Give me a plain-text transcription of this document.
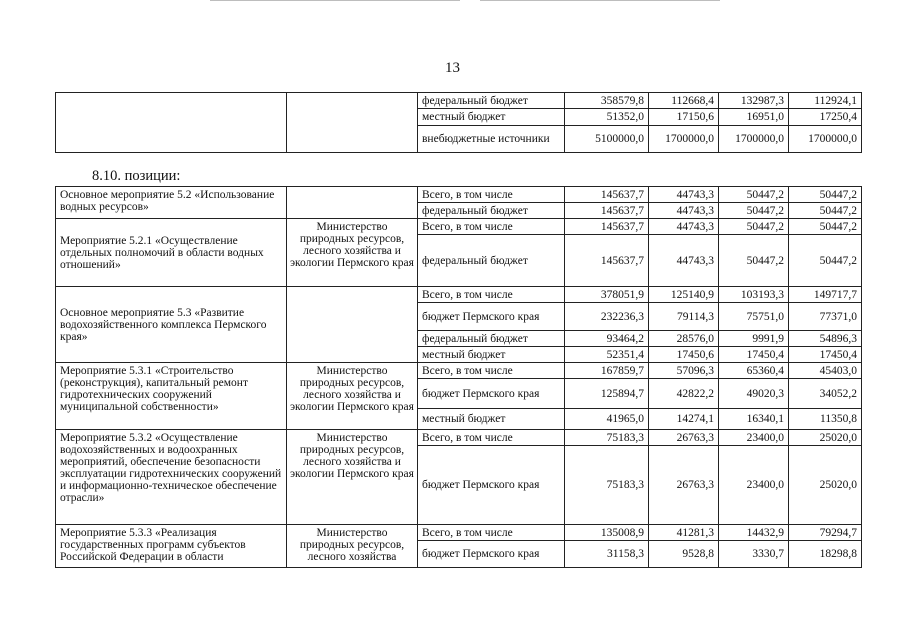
13
		федеральный бюджет	358579,8	112668,4	132987,3	112924,1
		местный бюджет	51352,0	17150,6	16951,0	17250,4
		внебюджетные источники	5100000,0	1700000,0	1700000,0	1700000,0
8.10. позиции:
Основное мероприятие 5.2 «Использование водных ресурсов»		Всего, в том числе	145637,7	44743,3	50447,2	50447,2
		федеральный бюджет	145637,7	44743,3	50447,2	50447,2
Мероприятие 5.2.1 «Осуществление отдельных полномочий в области водных отношений»	Министерство природных ресурсов, лесного хозяйства и экологии Пермского края	Всего, в том числе	145637,7	44743,3	50447,2	50447,2
		федеральный бюджет	145637,7	44743,3	50447,2	50447,2
Основное мероприятие 5.3 «Развитие водохозяйственного комплекса Пермского края»		Всего, в том числе	378051,9	125140,9	103193,3	149717,7
		бюджет Пермского края	232236,3	79114,3	75751,0	77371,0
		федеральный бюджет	93464,2	28576,0	9991,9	54896,3
		местный бюджет	52351,4	17450,6	17450,4	17450,4
Мероприятие 5.3.1 «Строительство (реконструкция), капитальный ремонт гидротехнических сооружений муниципальной собственности»	Министерство природных ресурсов, лесного хозяйства и экологии Пермского края	Всего, в том числе	167859,7	57096,3	65360,4	45403,0
		бюджет Пермского края	125894,7	42822,2	49020,3	34052,2
		местный бюджет	41965,0	14274,1	16340,1	11350,8
Мероприятие 5.3.2 «Осуществление водохозяйственных и водоохранных мероприятий, обеспечение безопасности эксплуатации гидротехнических сооружений и информационно-техническое обеспечение отрасли»	Министерство природных ресурсов, лесного хозяйства и экологии Пермского края	Всего, в том числе	75183,3	26763,3	23400,0	25020,0
		бюджет Пермского края	75183,3	26763,3	23400,0	25020,0
Мероприятие 5.3.3 «Реализация государственных программ субъектов Российской Федерации в области	Министерство природных ресурсов, лесного хозяйства	Всего, в том числе	135008,9	41281,3	14432,9	79294,7
		бюджет Пермского края	31158,3	9528,8	3330,7	18298,8
